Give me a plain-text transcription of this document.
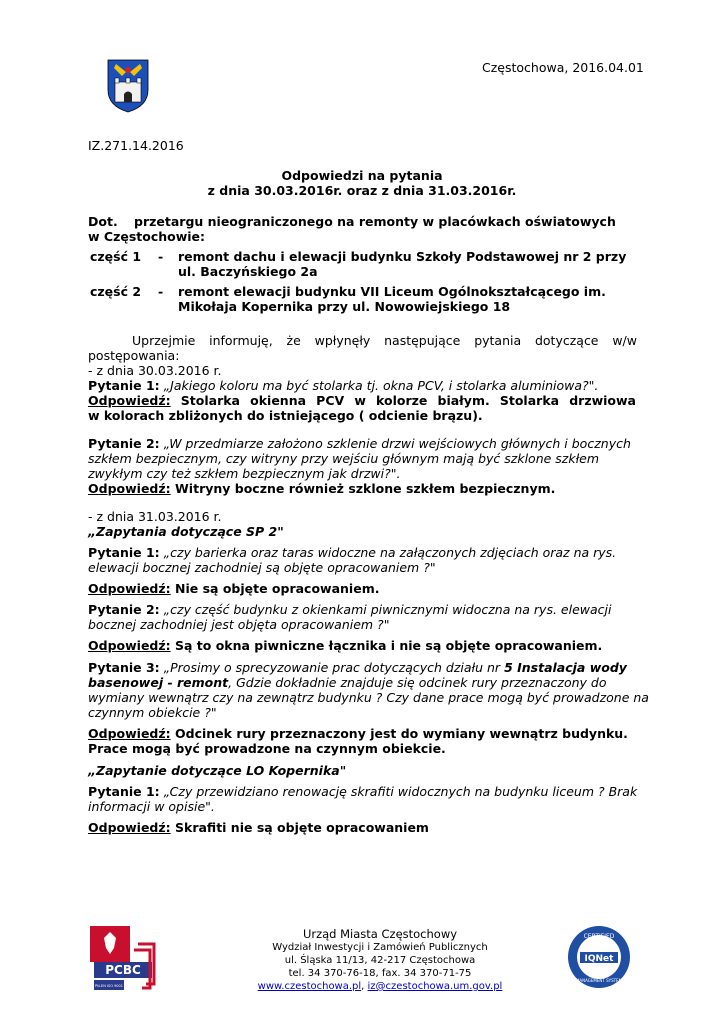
Częstochowa, 2016.04.01

IZ.271.14.2016

Odpowiedzi na pytania

z dnia 30.03.2016r. oraz z dnia 31.03.2016r.

Dot.	przetargu nieograniczonego na remonty w placówkach oświatowych

w Częstochowie:

część 1	-	remont dachu i elewacji budynku Szkoły Podstawowej nr 2 przy

ul. Baczyńskiego 2a

część 2	-	remont elewacji budynku VII Liceum Ogólnokształcącego im.

Mikołaja Kopernika przy ul. Nowowiejskiego 18

Uprzejmie informuję, że wpłynęły następujące pytania dotyczące w/w

postępowania:

- z dnia 30.03.2016 r.

Pytanie 1: „Jakiego koloru ma być stolarka tj. okna PCV, i stolarka aluminiowa?".

Odpowiedź: Stolarka okienna PCV w kolorze białym. Stolarka drzwiowa

w kolorach zbliżonych do istniejącego ( odcienie brązu).

Pytanie 2: „W przedmiarze założono szklenie drzwi wejściowych głównych i bocznych

szkłem bezpiecznym, czy witryny przy wejściu głównym mają być szklone szkłem

zwykłym czy też szkłem bezpiecznym jak drzwi?".

Odpowiedź: Witryny boczne również szklone szkłem bezpiecznym.

- z dnia 31.03.2016 r.

„Zapytania dotyczące SP 2"

Pytanie 1: „czy barierka oraz taras widoczne na załączonych zdjęciach oraz na rys.

elewacji bocznej zachodniej są objęte opracowaniem ?"

Odpowiedź: Nie są objęte opracowaniem.

Pytanie 2: „czy część budynku z okienkami piwnicznymi widoczna na rys. elewacji

bocznej zachodniej jest objęta opracowaniem ?"

Odpowiedź: Są to okna piwniczne łącznika i nie są objęte opracowaniem.

Pytanie 3: „Prosimy o sprecyzowanie prac dotyczących działu nr 5 Instalacja wody

basenowej - remont, Gdzie dokładnie znajduje się odcinek rury przeznaczony do

wymiany wewnątrz czy na zewnątrz budynku ? Czy dane prace mogą być prowadzone na

czynnym obiekcie ?"

Odpowiedź: Odcinek rury przeznaczony jest do wymiany wewnątrz budynku.

Prace mogą być prowadzone na czynnym obiekcie.

„Zapytanie dotyczące LO Kopernika"

Pytanie 1: „Czy przewidziano renowację skrafiti widocznych na budynku liceum ? Brak

informacji w opisie".

Odpowiedź: Skrafiti nie są objęte opracowaniem

PCBC
PN-EN ISO 9001
Urząd Miasta Częstochowy
Wydział Inwestycji i Zamówień Publicznych
ul. Śląska 11/13, 42-217 Częstochowa
tel. 34 370-76-18, fax. 34 370-71-75
www.czestochowa.pl, iz@czestochowa.um.gov.pl
CERTIFIED
MANAGEMENT SYSTEM
IQNet
